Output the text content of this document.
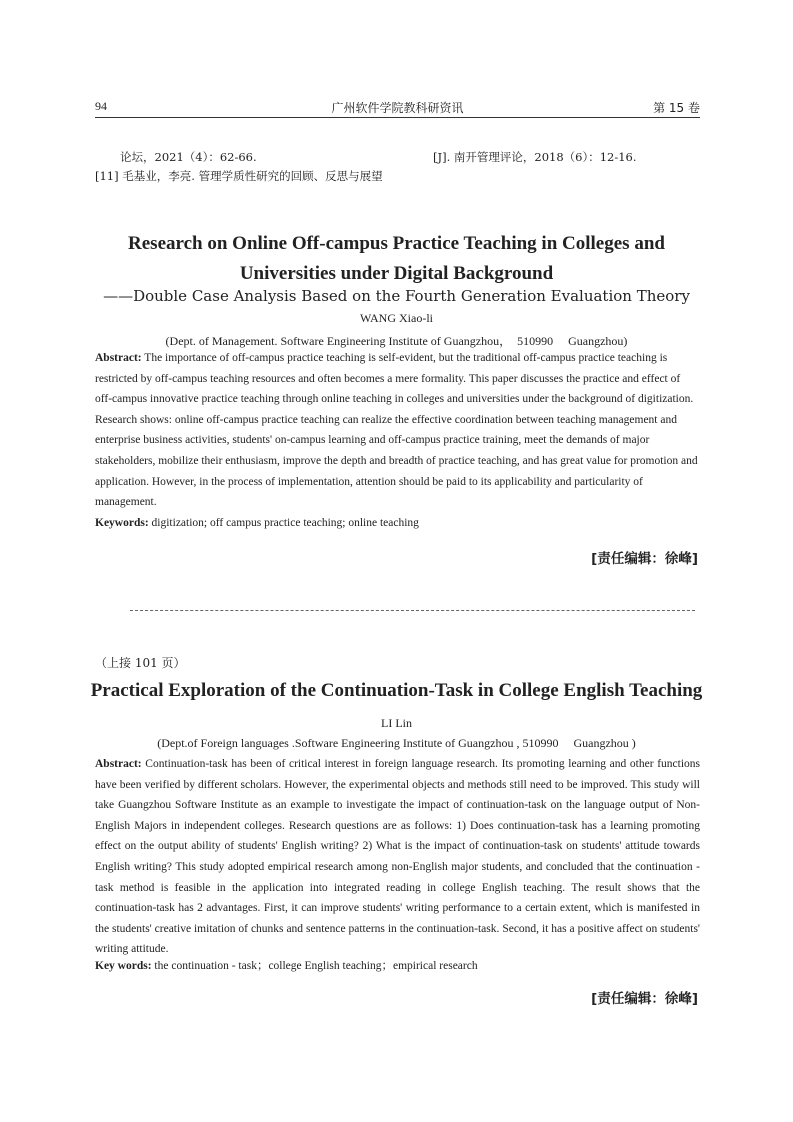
94	广州软件学院教科研资讯	第 15 卷
论坛，2021（4）：62-66.	[J]. 南开管理评论，2018（6）：12-16.
[11] 毛基业，李亮. 管理学质性研究的回顾、反思与展望
Research on Online Off-campus Practice Teaching in Colleges and
Universities under Digital Background
——Double Case Analysis Based on the Fourth Generation Evaluation Theory
WANG Xiao-li
(Dept. of Management. Software Engineering Institute of Guangzhou，  510990     Guangzhou)
Abstract: The importance of off-campus practice teaching is self-evident, but the traditional off-campus practice teaching is restricted by off-campus teaching resources and often becomes a mere formality. This paper discusses the practice and effect of off-campus innovative practice teaching through online teaching in colleges and universities under the background of digitization. Research shows: online off-campus practice teaching can realize the effective coordination between teaching management and enterprise business activities, students' on-campus learning and off-campus practice training, meet the demands of major stakeholders, mobilize their enthusiasm, improve the depth and breadth of practice teaching, and has great value for promotion and application. However, in the process of implementation, attention should be paid to its applicability and particularity of management.
Keywords: digitization; off campus practice teaching; online teaching
[责任编辑：徐峰]
（上接 101 页）
Practical Exploration of the Continuation-Task in College English Teaching
LI Lin
(Dept.of Foreign languages .Software Engineering Institute of Guangzhou , 510990     Guangzhou )
Abstract: Continuation-task has been of critical interest in foreign language research. Its promoting learning and other functions have been verified by different scholars. However, the experimental objects and methods still need to be improved. This study will take Guangzhou Software Institute as an example to investigate the impact of continuation-task on the language output of Non-English Majors in independent colleges. Research questions are as follows: 1) Does continuation-task has a learning promoting effect on the output ability of students' English writing? 2) What is the impact of continuation-task on students' attitude towards English writing? This study adopted empirical research among non-English major students, and concluded that the continuation - task method is feasible in the application into integrated reading in college English teaching. The result shows that the continuation-task has 2 advantages. First, it can improve students' writing performance to a certain extent, which is manifested in the students' creative imitation of chunks and sentence patterns in the continuation-task. Second, it has a positive affect on students' writing attitude.
Key words: the continuation - task；college English teaching；empirical research
[责任编辑：徐峰]
